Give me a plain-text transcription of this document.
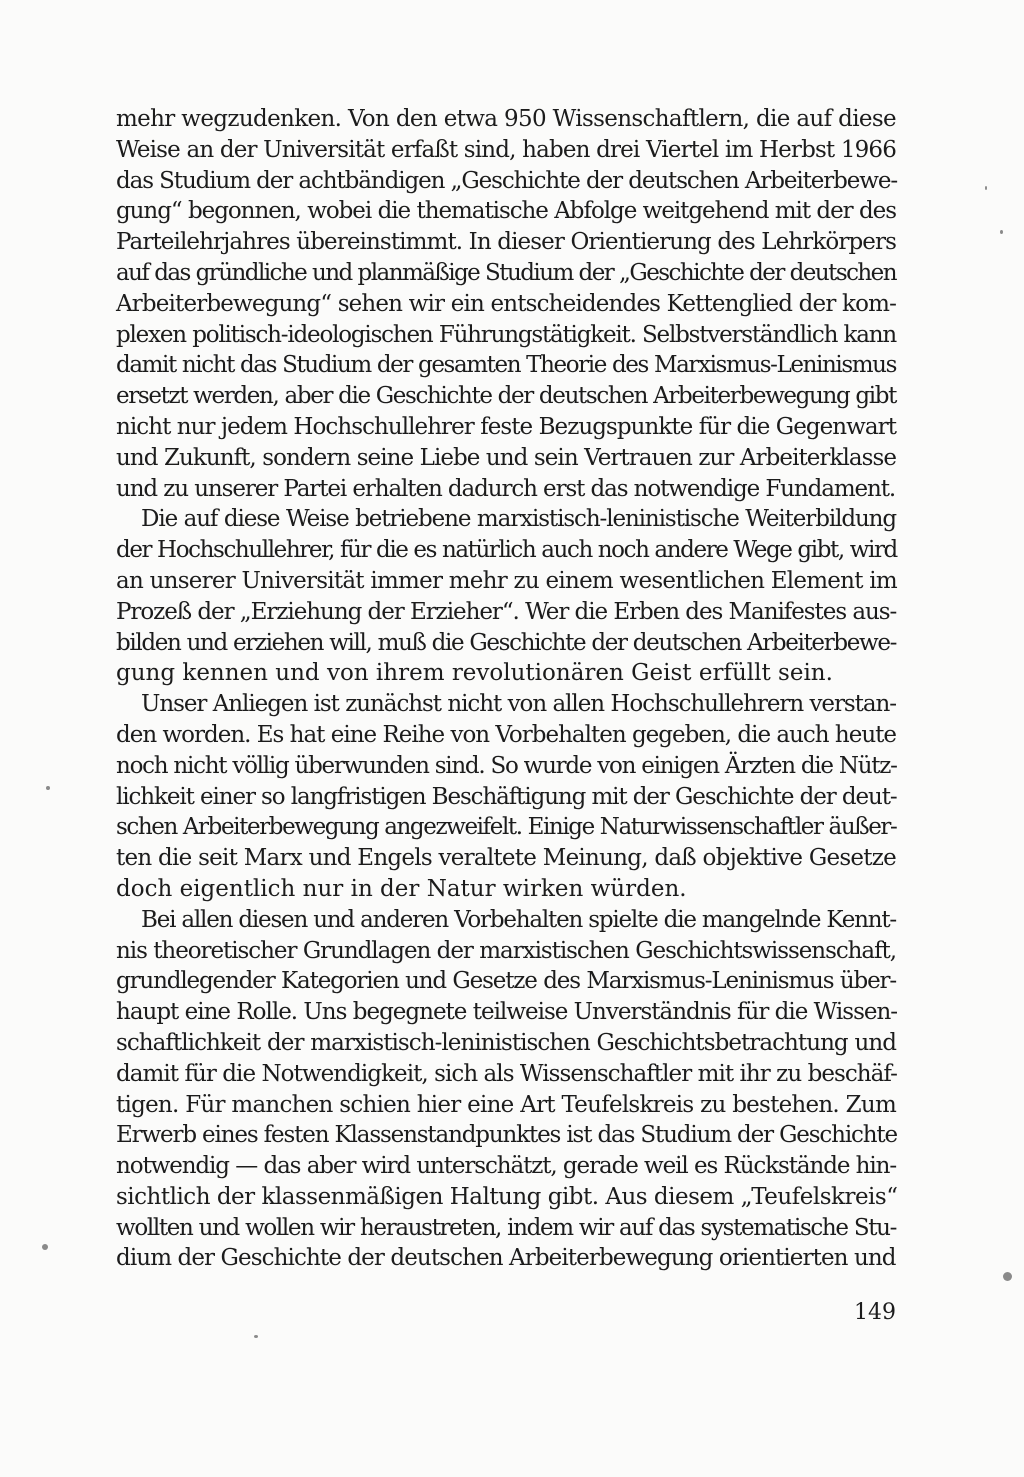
mehr wegzudenken. Von den etwa 950 Wissenschaftlern, die auf diese
Weise an der Universität erfaßt sind, haben drei Viertel im Herbst 1966
das Studium der achtbändigen „Geschichte der deutschen Arbeiterbewe-
gung“ begonnen, wobei die thematische Abfolge weitgehend mit der des
Parteilehrjahres übereinstimmt. In dieser Orientierung des Lehrkörpers
auf das gründliche und planmäßige Studium der „Geschichte der deutschen
Arbeiterbewegung“ sehen wir ein entscheidendes Kettenglied der kom-
plexen politisch-ideologischen Führungstätigkeit. Selbstverständlich kann
damit nicht das Studium der gesamten Theorie des Marxismus-Leninismus
ersetzt werden, aber die Geschichte der deutschen Arbeiterbewegung gibt
nicht nur jedem Hochschullehrer feste Bezugspunkte für die Gegenwart
und Zukunft, sondern seine Liebe und sein Vertrauen zur Arbeiterklasse
und zu unserer Partei erhalten dadurch erst das notwendige Fundament.
Die auf diese Weise betriebene marxistisch-leninistische Weiterbildung
der Hochschullehrer, für die es natürlich auch noch andere Wege gibt, wird
an unserer Universität immer mehr zu einem wesentlichen Element im
Prozeß der „Erziehung der Erzieher“. Wer die Erben des Manifestes aus-
bilden und erziehen will, muß die Geschichte der deutschen Arbeiterbewe-
gung kennen und von ihrem revolutionären Geist erfüllt sein.
Unser Anliegen ist zunächst nicht von allen Hochschullehrern verstan-
den worden. Es hat eine Reihe von Vorbehalten gegeben, die auch heute
noch nicht völlig überwunden sind. So wurde von einigen Ärzten die Nütz-
lichkeit einer so langfristigen Beschäftigung mit der Geschichte der deut-
schen Arbeiterbewegung angezweifelt. Einige Naturwissenschaftler äußer-
ten die seit Marx und Engels veraltete Meinung, daß objektive Gesetze
doch eigentlich nur in der Natur wirken würden.
Bei allen diesen und anderen Vorbehalten spielte die mangelnde Kennt-
nis theoretischer Grundlagen der marxistischen Geschichtswissenschaft,
grundlegender Kategorien und Gesetze des Marxismus-Leninismus über-
haupt eine Rolle. Uns begegnete teilweise Unverständnis für die Wissen-
schaftlichkeit der marxistisch-leninistischen Geschichtsbetrachtung und
damit für die Notwendigkeit, sich als Wissenschaftler mit ihr zu beschäf-
tigen. Für manchen schien hier eine Art Teufelskreis zu bestehen. Zum
Erwerb eines festen Klassenstandpunktes ist das Studium der Geschichte
notwendig — das aber wird unterschätzt, gerade weil es Rückstände hin-
sichtlich der klassenmäßigen Haltung gibt. Aus diesem „Teufelskreis“
wollten und wollen wir heraustreten, indem wir auf das systematische Stu-
dium der Geschichte der deutschen Arbeiterbewegung orientierten und
149
